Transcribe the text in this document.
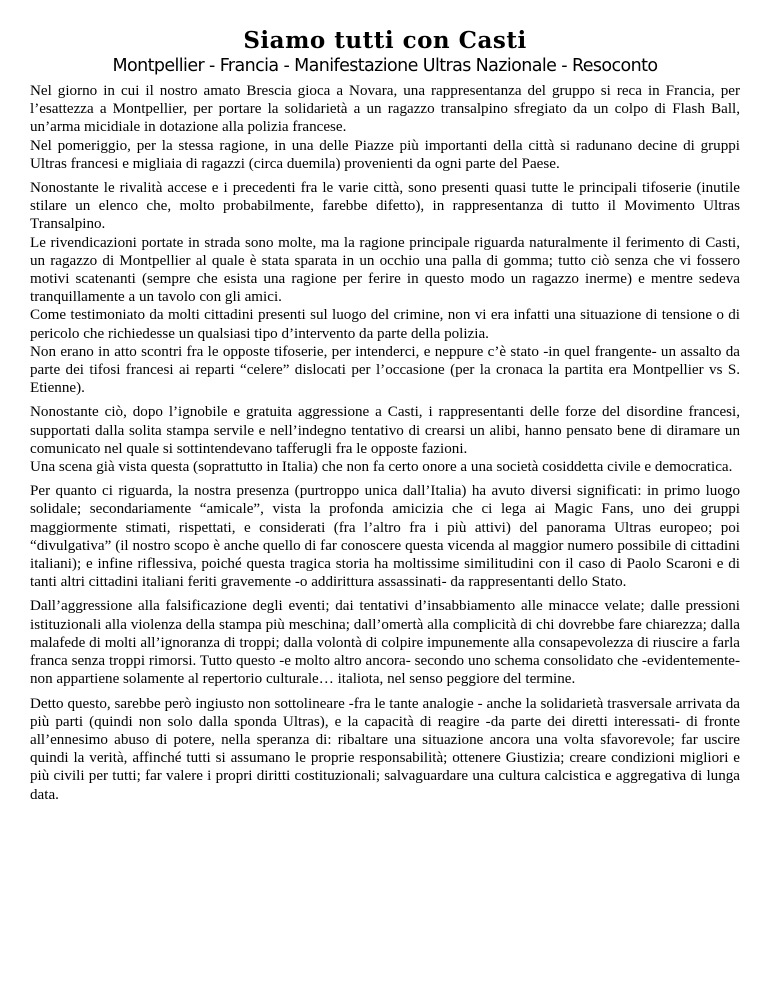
Siamo tutti con Casti
Montpellier - Francia - Manifestazione Ultras Nazionale - Resoconto
Nel giorno in cui il nostro amato Brescia gioca a Novara, una rappresentanza del gruppo si reca in Francia, per l’esattezza a Montpellier, per portare la solidarietà a un ragazzo transalpino sfregiato da un colpo di Flash Ball, un’arma micidiale in dotazione alla polizia francese.
Nel pomeriggio, per la stessa ragione, in una delle Piazze più importanti della città si radunano decine di gruppi Ultras francesi e migliaia di ragazzi (circa duemila) provenienti da ogni parte del Paese.
Nonostante le rivalità accese e i precedenti fra le varie città, sono presenti quasi tutte le principali tifoserie (inutile stilare un elenco che, molto probabilmente, farebbe difetto), in rappresentanza di tutto il Movimento Ultras Transalpino.
Le rivendicazioni portate in strada sono molte, ma la ragione principale riguarda naturalmente il ferimento di Casti, un ragazzo di Montpellier al quale è stata sparata in un occhio una palla di gomma; tutto ciò senza che vi fossero motivi scatenanti (sempre che esista una ragione per ferire in questo modo un ragazzo inerme) e mentre sedeva tranquillamente a un tavolo con gli amici.
Come testimoniato da molti cittadini presenti sul luogo del crimine, non vi era infatti una situazione di tensione o di pericolo che richiedesse un qualsiasi tipo d’intervento da parte della polizia.
Non erano in atto scontri fra le opposte tifoserie, per intenderci, e neppure c’è stato -in quel frangente- un assalto da parte dei tifosi francesi ai reparti “celere” dislocati per l’occasione (per la cronaca la partita era Montpellier vs S. Etienne).
Nonostante ciò, dopo l’ignobile e gratuita aggressione a Casti, i rappresentanti delle forze del disordine francesi, supportati dalla solita stampa servile e nell’indegno tentativo di crearsi un alibi, hanno pensato bene di diramare un comunicato nel quale si sottintendevano tafferugli fra le opposte fazioni.
Una scena già vista questa (soprattutto in Italia) che non fa certo onore a una società cosiddetta civile e democratica.
Per quanto ci riguarda, la nostra presenza (purtroppo unica dall’Italia) ha avuto diversi significati: in primo luogo solidale; secondariamente “amicale”, vista la profonda amicizia che ci lega ai Magic Fans, uno dei gruppi maggiormente stimati, rispettati, e considerati (fra l’altro fra i più attivi) del panorama Ultras europeo; poi “divulgativa” (il nostro scopo è anche quello di far conoscere questa vicenda al maggior numero possibile di cittadini italiani); e infine riflessiva, poiché questa tragica storia ha moltissime similitudini con il caso di Paolo Scaroni e di tanti altri cittadini italiani feriti gravemente -o addirittura assassinati- da rappresentanti dello Stato.
Dall’aggressione alla falsificazione degli eventi; dai tentativi d’insabbiamento alle minacce velate; dalle pressioni istituzionali alla violenza della stampa più meschina; dall’omertà alla complicità di chi dovrebbe fare chiarezza; dalla malafede di molti all’ignoranza di troppi; dalla volontà di colpire impunemente alla consapevolezza di riuscire a farla franca senza troppi rimorsi. Tutto questo -e molto altro ancora- secondo uno schema consolidato che -evidentemente- non appartiene solamente al repertorio culturale… italiota, nel senso peggiore del termine.
Detto questo, sarebbe però ingiusto non sottolineare -fra le tante analogie - anche la solidarietà trasversale arrivata da più parti (quindi non solo dalla sponda Ultras), e la capacità di reagire -da parte dei diretti interessati- di fronte all’ennesimo abuso di potere, nella speranza di: ribaltare una situazione ancora una volta sfavorevole; far uscire quindi la verità, affinché tutti si assumano le proprie responsabilità; ottenere Giustizia; creare condizioni migliori e più civili per tutti; far valere i propri diritti costituzionali; salvaguardare una cultura calcistica e aggregativa di lunga data.
